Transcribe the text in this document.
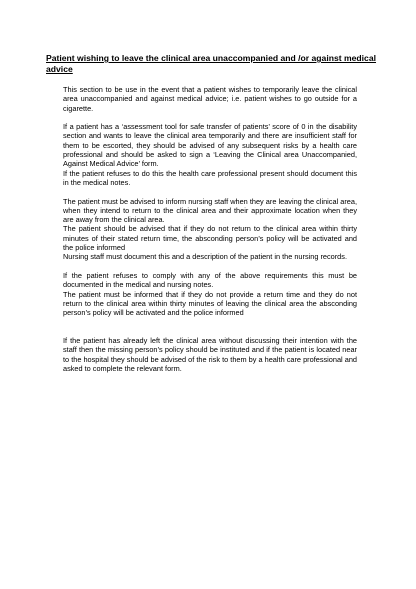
Patient wishing to leave the clinical area unaccompanied and /or against medical advice

This section to be use in the event that a patient wishes to temporarily leave the clinical area unaccompanied and against medical advice; i.e. patient wishes to go outside for a cigarette.

If a patient has a ‘assessment tool for safe transfer of patients’ score of 0 in the disability section and wants to leave the clinical area temporarily and there are insufficient staff for them to be escorted, they should be advised of any subsequent risks by a health care professional and should be asked to sign a ‘Leaving the Clinical area Unaccompanied, Against Medical Advice’ form.

If the patient refuses to do this the health care professional present should document this in the medical notes.

The patient must be advised to inform nursing staff when they are leaving the clinical area, when they intend to return to the clinical area and their approximate location when they are away from the clinical area.

The patient should be advised that if they do not return to the clinical area within thirty minutes of their stated return time, the absconding person’s policy will be activated and the police informed

Nursing staff must document this and a description of the patient in the nursing records.

If the patient refuses to comply with any of the above requirements this must be documented in the medical and nursing notes.

The patient must be informed that if they do not provide a return time and they do not return to the clinical area within thirty minutes of leaving the clinical area the absconding person’s policy will be activated and the police informed

If the patient has already left the clinical area without discussing their intention with the staff then the missing person’s policy should be instituted and if the patient is located near to the hospital they should be advised of the risk to them by a health care professional and asked to complete the relevant form.
